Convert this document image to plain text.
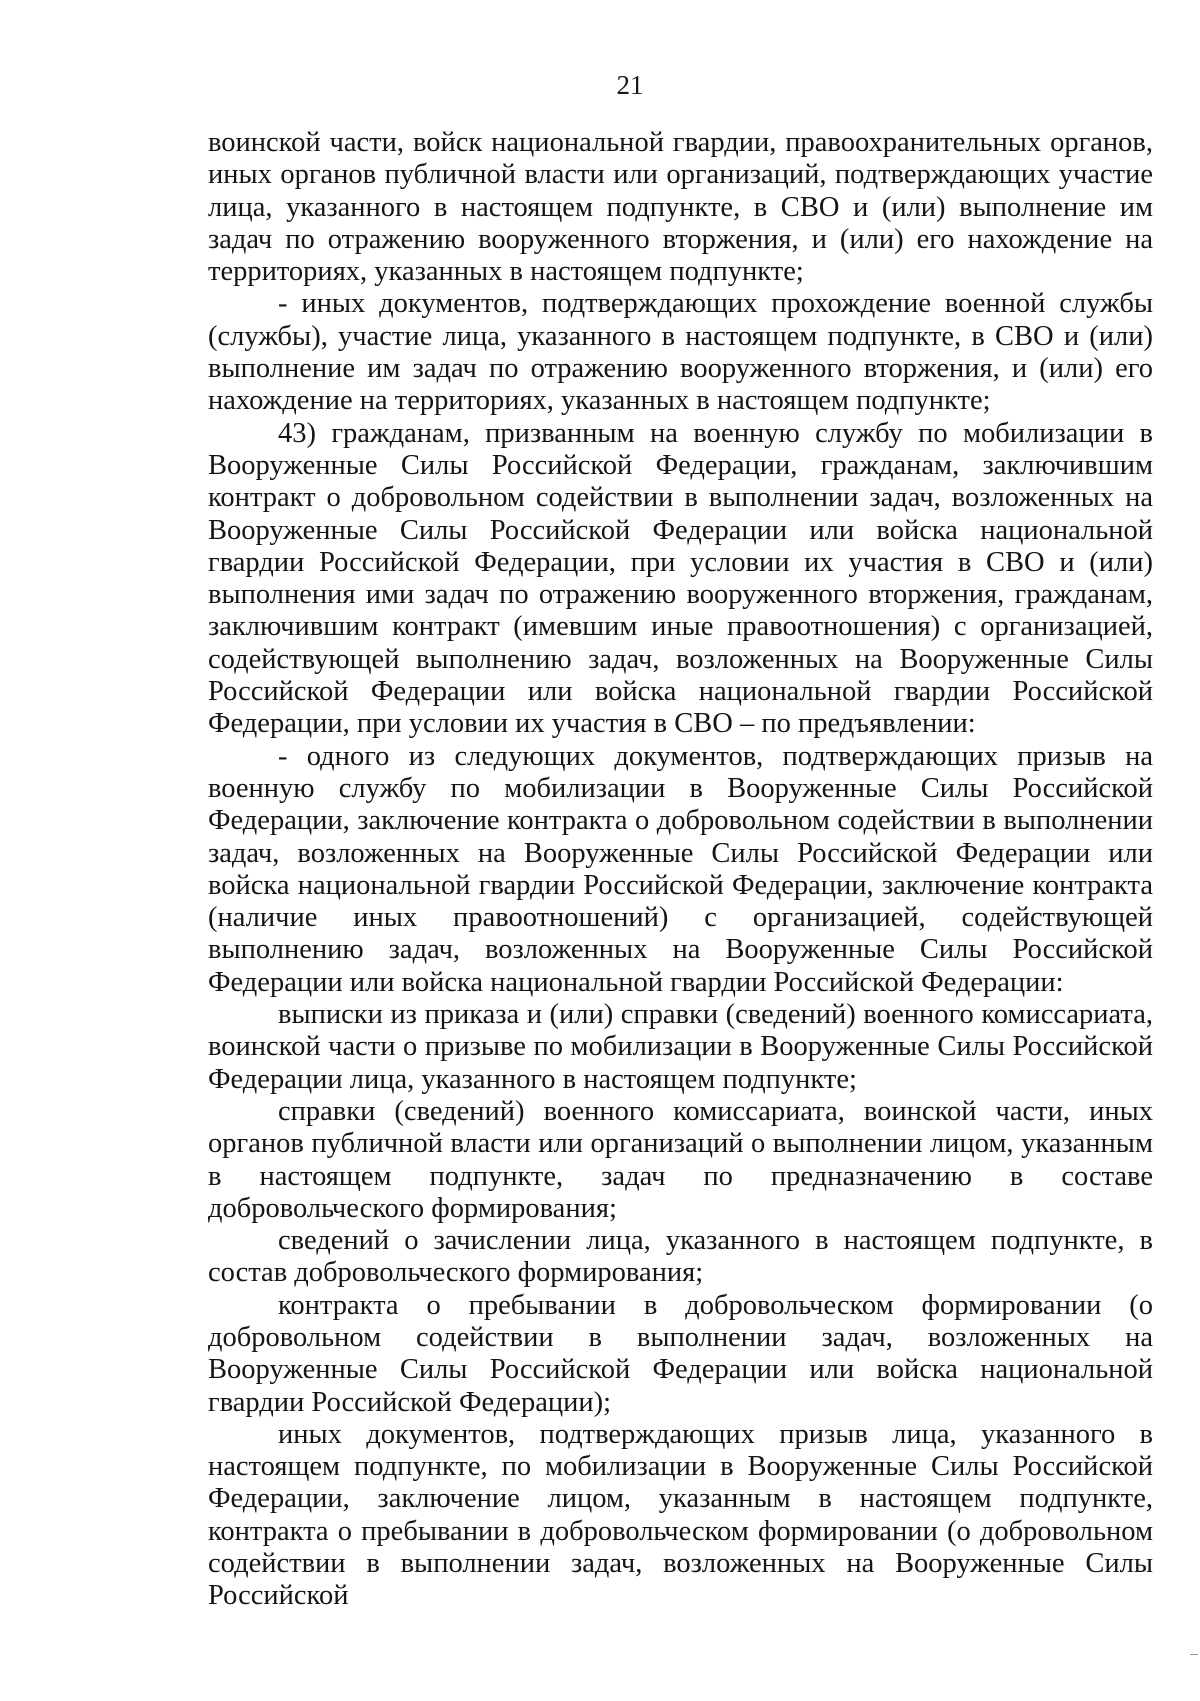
21

воинской части, войск национальной гвардии, правоохранительных органов, иных органов публичной власти или организаций, подтверждающих участие лица, указанного в настоящем подпункте, в СВО и (или) выполнение им задач по отражению вооруженного вторжения, и (или) его нахождение на территориях, указанных в настоящем подпункте;

- иных документов, подтверждающих прохождение военной службы (службы), участие лица, указанного в настоящем подпункте, в СВО и (или) выполнение им задач по отражению вооруженного вторжения, и (или) его нахождение на территориях, указанных в настоящем подпункте;

43) гражданам, призванным на военную службу по мобилизации в Вооруженные Силы Российской Федерации, гражданам, заключившим контракт о добровольном содействии в выполнении задач, возложенных на Вооруженные Силы Российской Федерации или войска национальной гвардии Российской Федерации, при условии их участия в СВО и (или) выполнения ими задач по отражению вооруженного вторжения, гражданам, заключившим контракт (имевшим иные правоотношения) с организацией, содействующей выполнению задач, возложенных на Вооруженные Силы Российской Федерации или войска национальной гвардии Российской Федерации, при условии их участия в СВО – по предъявлении:

- одного из следующих документов, подтверждающих призыв на военную службу по мобилизации в Вооруженные Силы Российской Федерации, заключение контракта о добровольном содействии в выполнении задач, возложенных на Вооруженные Силы Российской Федерации или войска национальной гвардии Российской Федерации, заключение контракта (наличие иных правоотношений) с организацией, содействующей выполнению задач, возложенных на Вооруженные Силы Российской Федерации или войска национальной гвардии Российской Федерации:

выписки из приказа и (или) справки (сведений) военного комиссариата, воинской части о призыве по мобилизации в Вооруженные Силы Российской Федерации лица, указанного в настоящем подпункте;

справки (сведений) военного комиссариата, воинской части, иных органов публичной власти или организаций о выполнении лицом, указанным в настоящем подпункте, задач по предназначению в составе добровольческого формирования;

сведений о зачислении лица, указанного в настоящем подпункте, в состав добровольческого формирования;

контракта о пребывании в добровольческом формировании (о добровольном содействии в выполнении задач, возложенных на Вооруженные Силы Российской Федерации или войска национальной гвардии Российской Федерации);

иных документов, подтверждающих призыв лица, указанного в настоящем подпункте, по мобилизации в Вооруженные Силы Российской Федерации, заключение лицом, указанным в настоящем подпункте, контракта о пребывании в добровольческом формировании (о добровольном содействии в выполнении задач, возложенных на Вооруженные Силы Российской
